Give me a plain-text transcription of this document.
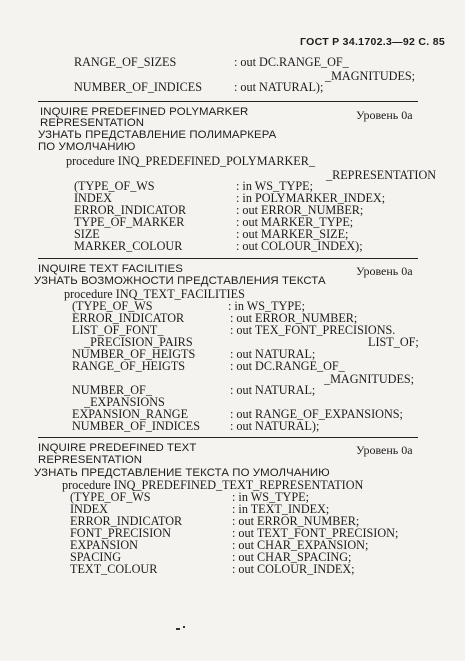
ГОСТ Р 34.1702.3—92 С. 85
RANGE_OF_SIZES	: out DC.RANGE_OF_
_MAGNITUDES;
NUMBER_OF_INDICES	: out NATURAL);
INQUIRE PREDEFINED POLYMARKER	Уровень 0а
REPRESENTATION
УЗНАТЬ ПРЕДСТАВЛЕНИЕ ПОЛИМАРКЕРА
ПО УМОЛЧАНИЮ
procedure INQ_PREDEFINED_POLYMARKER_
_REPRESENTATION
(TYPE_OF_WS	: in WS_TYPE;
INDEX	: in POLYMARKER_INDEX;
ERROR_INDICATOR	: out ERROR_NUMBER;
TYPE_OF_MARKER	: out MARKER_TYPE;
SIZE	: out MARKER_SIZE;
MARKER_COLOUR	: out COLOUR_INDEX);
INQUIRE TEXT FACILITIES	Уровень 0а
УЗНАТЬ ВОЗМОЖНОСТИ ПРЕДСТАВЛЕНИЯ ТЕКСТА
procedure INQ_TEXT_FACILITIES
(TYPE_OF_WS	: in WS_TYPE;
ERROR_INDICATOR	: out ERROR_NUMBER;
LIST_OF_FONT_	: out TEX_FONT_PRECISIONS.
_PRECISION_PAIRS	LIST_OF;
NUMBER_OF_HEIGTS	: out NATURAL;
RANGE_OF_HEIGTS	: out DC.RANGE_OF_
_MAGNITUDES;
NUMBER_OF_	: out NATURAL;
_EXPANSIONS
EXPANSION_RANGE	: out RANGE_OF_EXPANSIONS;
NUMBER_OF_INDICES : out NATURAL);
INQUIRE PREDEFINED TEXT	Уровень 0а
REPRESENTATION
УЗНАТЬ ПРЕДСТАВЛЕНИЕ ТЕКСТА ПО УМОЛЧАНИЮ
procedure INQ_PREDEFINED_TEXT_REPRESENTATION
(TYPE_OF_WS	: in WS_TYPE;
INDEX	: in TEXT_INDEX;
ERROR_INDICATOR	: out ERROR_NUMBER;
FONT_PRECISION	: out TEXT_FONT_PRECISION;
EXPANSION	: out CHAR_EXPANSION;
SPACING	: out CHAR_SPACING;
TEXT_COLOUR	: out COLOUR_INDEX;
